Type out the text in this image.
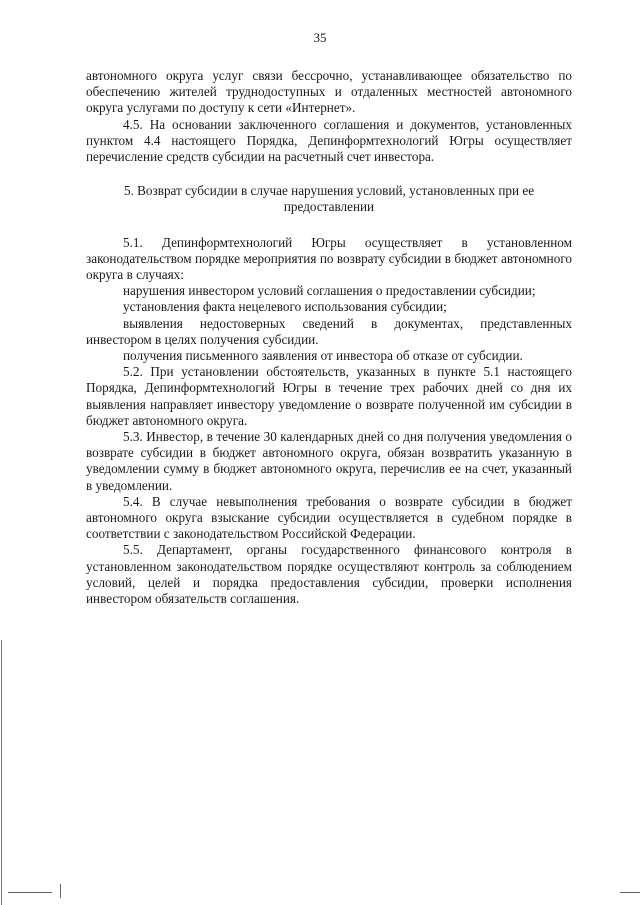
35

автономного округа услуг связи бессрочно, устанавливающее обязательство по обеспечению жителей труднодоступных и отдаленных местностей автономного округа услугами по доступу к сети «Интернет».

4.5. На основании заключенного соглашения и документов, установленных пунктом 4.4 настоящего Порядка, Депинформтехнологий Югры осуществляет перечисление средств субсидии на расчетный счет инвестора.

5. Возврат субсидии в случае нарушения условий, установленных при ее предоставлении

5.1. Депинформтехнологий Югры осуществляет в установленном законодательством порядке мероприятия по возврату субсидии в бюджет автономного округа в случаях:

нарушения инвестором условий соглашения о предоставлении субсидии;

установления факта нецелевого использования субсидии;

выявления недостоверных сведений в документах, представленных инвестором в целях получения субсидии.

получения письменного заявления от инвестора об отказе от субсидии.

5.2. При установлении обстоятельств, указанных в пункте 5.1 настоящего Порядка, Депинформтехнологий Югры в течение трех рабочих дней со дня их выявления направляет инвестору уведомление о возврате полученной им субсидии в бюджет автономного округа.

5.3. Инвестор, в течение 30 календарных дней со дня получения уведомления о возврате субсидии в бюджет автономного округа, обязан возвратить указанную в уведомлении сумму в бюджет автономного округа, перечислив ее на счет, указанный в уведомлении.

5.4. В случае невыполнения требования о возврате субсидии в бюджет автономного округа взыскание субсидии осуществляется в судебном порядке в соответствии с законодательством Российской Федерации.

5.5. Департамент, органы государственного финансового контроля в установленном законодательством порядке осуществляют контроль за соблюдением условий, целей и порядка предоставления субсидии, проверки исполнения инвестором обязательств соглашения.
